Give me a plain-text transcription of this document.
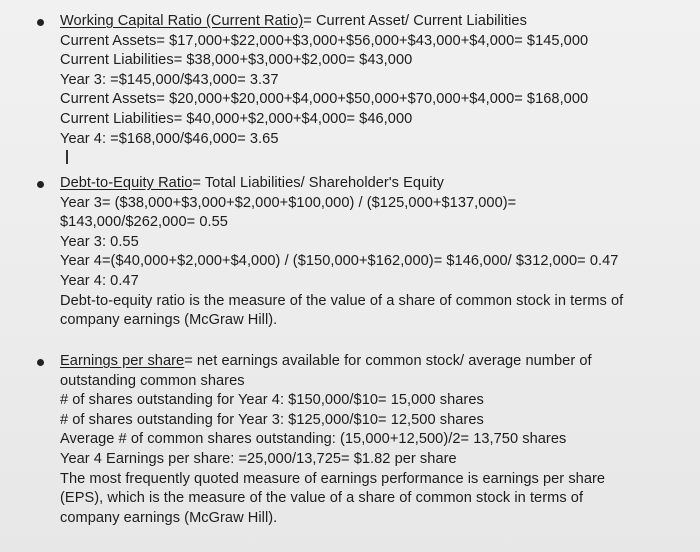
Working Capital Ratio (Current Ratio)= Current Asset/ Current Liabilities
Current Assets= $17,000+$22,000+$3,000+$56,000+$43,000+$4,000= $145,000
Current Liabilities= $38,000+$3,000+$2,000= $43,000
Year 3: =$145,000/$43,000= 3.37
Current Assets= $20,000+$20,000+$4,000+$50,000+$70,000+$4,000= $168,000
Current Liabilities= $40,000+$2,000+$4,000= $46,000
Year 4: =$168,000/$46,000= 3.65
Debt-to-Equity Ratio= Total Liabilities/ Shareholder's Equity
Year 3= ($38,000+$3,000+$2,000+$100,000) / ($125,000+$137,000)=
$143,000/$262,000= 0.55
Year 3: 0.55
Year 4=($40,000+$2,000+$4,000) / ($150,000+$162,000)= $146,000/ $312,000= 0.47
Year 4: 0.47
Debt-to-equity ratio is the measure of the value of a share of common stock in terms of
company earnings (McGraw Hill).
Earnings per share= net earnings available for common stock/ average number of
outstanding common shares
# of shares outstanding for Year 4: $150,000/$10= 15,000 shares
# of shares outstanding for Year 3: $125,000/$10= 12,500 shares
Average # of common shares outstanding: (15,000+12,500)/2= 13,750 shares
Year 4 Earnings per share: =25,000/13,725= $1.82 per share
The most frequently quoted measure of earnings performance is earnings per share
(EPS), which is the measure of the value of a share of common stock in terms of
company earnings (McGraw Hill).
